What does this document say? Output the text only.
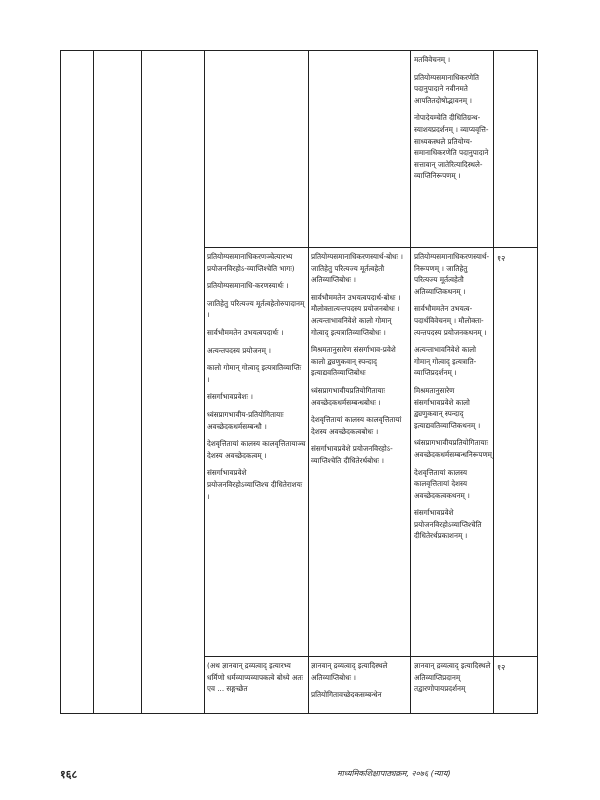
मतविवेचनम् ।

प्रतियोग्यसमानाधिकरणेति पदानुपादाने नवीनमते आपतितदोषोद्भावनम् ।

नोपादेयम्चेति दीधितिग्रन्थ-स्याशयप्रदर्शनम् । व्याप्यवृत्ति-साध्यकस्थले प्रतियोग्य-समानाधिकरणेति पदानुपादाने सत्तावान् जातेरित्यादिस्थले-व्याप्तिनिरूपणम् ।

प्रतियोग्यसमानाधिकरणञ्चेत्यारभ्य प्रयोजनविरहोऽ-व्याप्तिश्चेति भागः)

प्रतियोग्यसमानाधि-करणस्यार्थः ।

जातिहेतु परित्यज्य मूर्तत्वहेतोरुपादानम् ।

सार्वभौममतेन उभयत्वपदार्थः ।

अत्यन्तपदस्य प्रयोजनम् ।

कालो गोमान् गोत्वाद् इत्यत्रातिव्याप्तिः ।

संसर्गाभावप्रवेशः ।

ध्वंसप्रागभावीय-प्रतियोगितायाः अवच्छेदकधर्मसम्बन्धौ ।

देशवृत्तितायां कालस्य कालवृत्तितायाञ्च देशस्य अवच्छेदकत्वम् ।

संसर्गाभावप्रवेशे प्रयोजनविरहोऽव्याप्तिश्च दीधितेराशयः ।

प्रतियोग्यसमानाधिकरणस्यार्थ-बोधः । जातिहेतु परित्यज्य मूर्तत्वहेतौ अतिव्याप्तिबोधः ।

सार्वभौममतेन उभयत्वपदार्थ-बोधः । मौलोक्तात्यन्तपदस्य प्रयोजनबोधः । अत्यन्ताभावनिवेशे कालो गोमान् गोत्वाद् इत्यत्रातिव्याप्तिबोधः ।

मिश्रमतानुसारेण संसर्गाभाव-प्रवेशे कालो द्व्यणुकवान् स्पन्दाद् इत्याद्यवतिव्याप्तिबोधः

ध्वंसप्रागभावीयप्रतियोगितायाः अवच्छेदकधर्मसम्बन्धबोधः ।

देशवृत्तितायां कालस्य कालवृत्तितायां देशस्य अवच्छेदकत्वबोधः ।

संसर्गाभावप्रवेशे प्रयोजनविरहोऽ-व्याप्तिश्चेति दीधितेरर्थबोधः ।

प्रतियोग्यसमानाधिकरणस्यार्थ-निरूपणम् । जातिहेतु परित्यज्य मूर्तत्वहेतौ अतिव्याप्तिकथनम् ।

सार्वभौममतेन उभयत्व-पदार्थविवेचनम् । मौलोक्ता-त्यन्तपदस्य प्रयोजनकथनम् ।

अत्यन्ताभावनिवेशे कालो गोमान् गोत्वाद् इत्यत्राति-व्याप्तिप्रदर्शनम् ।

मिश्रमतानुसारेण संसर्गाभावप्रवेशे कालो द्व्यणुकवान् स्पन्दाद् इत्याद्यवतिव्याप्तिकथनम् ।

ध्वंसप्रागभावीयप्रतियोगितायाः अवच्छेदकधर्मसम्बन्धनिरूपणम्

देशवृत्तितायां कालस्य कालवृत्तितायां देशस्य अवच्छेदकत्वकथनम् ।

संसर्गाभावप्रवेशे प्रयोजनविरहोऽव्याप्तिश्चेति दीधितेरर्थप्रकाशनम् ।

१२

(अथ ज्ञानवान् द्रव्यत्वाद् इत्यारभ्य धर्मिणो धर्मव्याप्यव्यापकत्वे बोध्ये अतः एव ... सङ्गच्छेत

ज्ञानवान् द्रव्यत्वाद् इत्यादिस्थले अतिव्याप्तिबोधः ।

प्रतियोगितावच्छेदकसम्बन्धेन

ज्ञानवान् द्रव्यत्वाद् इत्यादिस्थले अतिव्याप्तिप्रदानम् तद्वारणोपायप्रदर्शनम्

१२
१६८	माध्यमिकशिक्षापाठ्यक्रम, २०७६ (न्याय)
